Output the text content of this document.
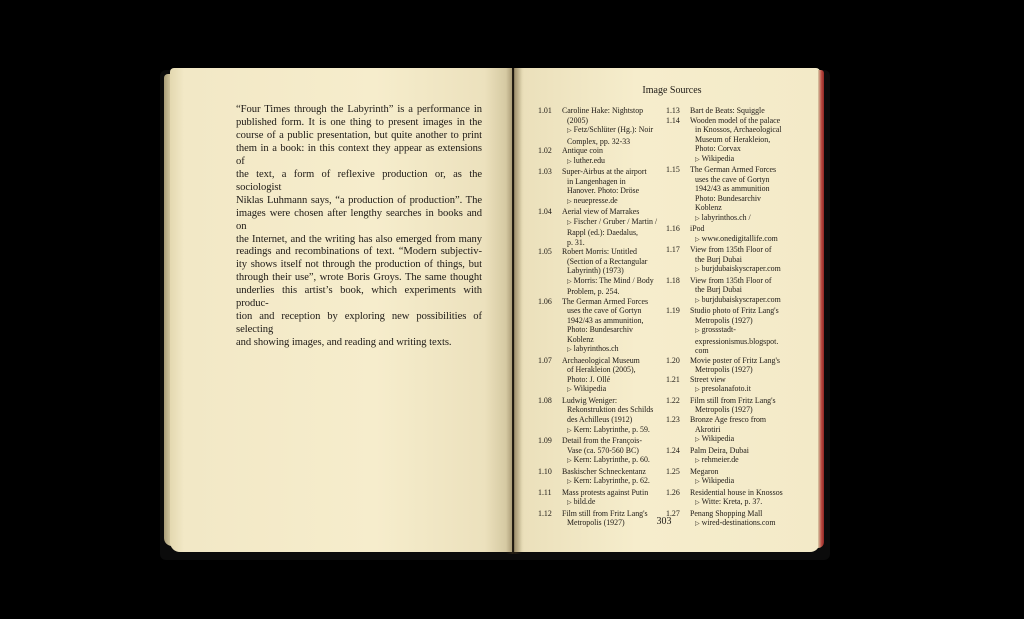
“Four Times through the Labyrinth” is a performance in
published form. It is one thing to present images in the
course of a public presentation, but quite another to print
them in a book: in this context they appear as extensions of
the text, a form of reflexive production or, as the sociologist
Niklas Luhmann says, “a production of production”. The
images were chosen after lengthy searches in books and on
the Internet, and the writing has also emerged from many
readings and recombinations of text. “Modern subjectiv-
ity shows itself not through the production of things, but
through their use”, wrote Boris Groys. The same thought
underlies this artist’s book, which experiments with produc-
tion and reception by exploring new possibilities of selecting
and showing images, and reading and writing texts.

Image Sources

1.01	Caroline Hake: Nightstop
(2005)
▷ Fetz/Schlüter (Hg.): Noir
Complex, pp. 32-33
1.02	Antique coin
▷ luther.edu
1.03	Super-Airbus at the airport
in Langenhagen in
Hanover. Photo: Dröse
▷ neuepresse.de
1.04	Aerial view of Marrakes
▷ Fischer / Gruber / Martin /
Rappl (ed.): Daedalus,
p. 31.
1.05	Robert Morris: Untitled
(Section of a Rectangular
Labyrinth) (1973)
▷ Morris: The Mind / Body
Problem, p. 254.
1.06	The German Armed Forces
uses the cave of Gortyn
1942/43 as ammunition,
Photo: Bundesarchiv
Koblenz
▷ labyrinthos.ch
1.07	Archaeological Museum
of Herakleion (2005),
Photo: J. Ollé
▷ Wikipedia
1.08	Ludwig Weniger:
Rekonstruktion des Schilds
des Achilleus (1912)
▷ Kern: Labyrinthe, p. 59.
1.09	Detail from the François-
Vase (ca. 570-560 BC)
▷ Kern: Labyrinthe, p. 60.
1.10	Baskischer Schneckentanz
▷ Kern: Labyrinthe, p. 62.
1.11	Mass protests against Putin
▷ bild.de
1.12	Film still from Fritz Lang's
Metropolis (1927)
1.13	Bart de Beats: Squiggle
1.14	Wooden model of the palace
in Knossos, Archaeological
Museum of Herakleion,
Photo: Corvax
▷ Wikipedia
1.15	The German Armed Forces
uses the cave of Gortyn
1942/43 as ammunition
Photo: Bundesarchiv
Koblenz
▷ labyrinthos.ch /
1.16	iPod
▷ www.onedigitallife.com
1.17	View from 135th Floor of
the Burj Dubai
▷ burjdubaiskyscraper.com
1.18	View from 135th Floor of
the Burj Dubai
▷ burjdubaiskyscraper.com
1.19	Studio photo of Fritz Lang's
Metropolis (1927)
▷ grossstadt-
expressionismus.blogspot.
com
1.20	Movie poster of Fritz Lang's
Metropolis (1927)
1.21	Street view
▷ presolanafoto.it
1.22	Film still from Fritz Lang's
Metropolis (1927)
1.23	Bronze Age fresco from
Akrotiri
▷ Wikipedia
1.24	Palm Deira, Dubai
▷ rehmeier.de
1.25	Megaron
▷ Wikipedia
1.26	Residential house in Knossos
▷ Witte: Kreta, p. 37.
1.27	Penang Shopping Mall
▷ wired-destinations.com

303
